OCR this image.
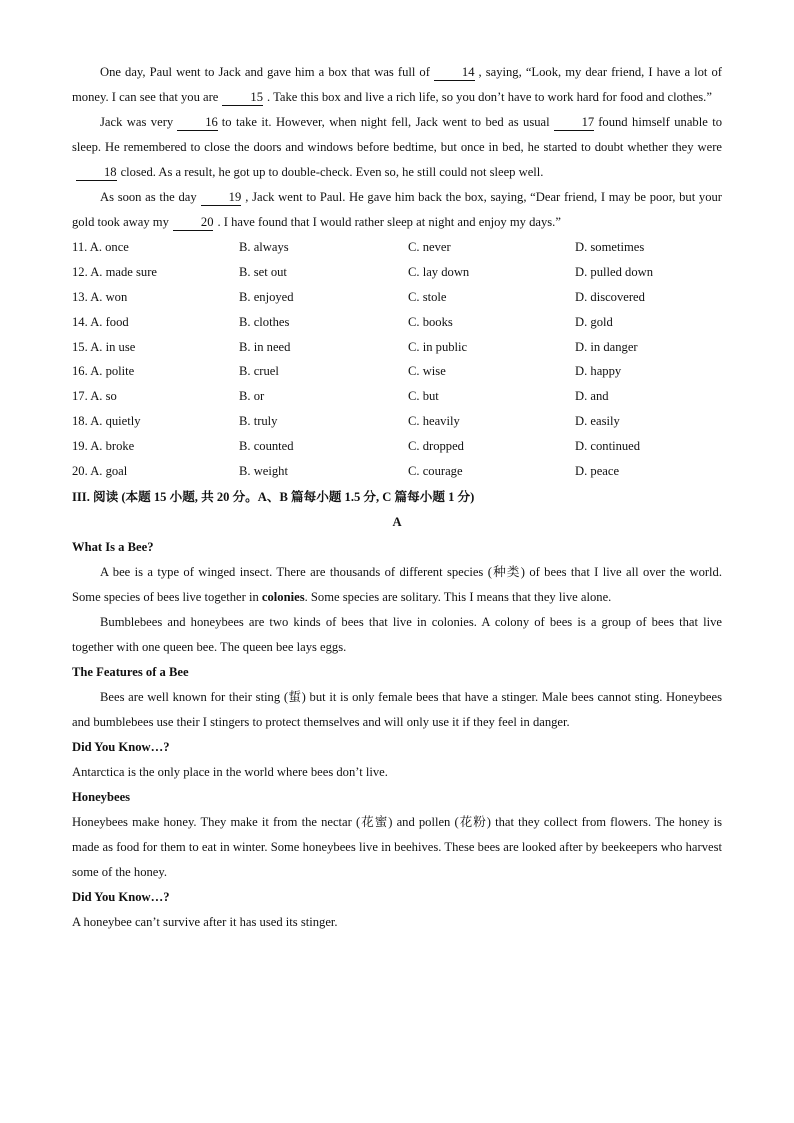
One day, Paul went to Jack and gave him a box that was full of	14 , saying, “Look, my dear friend, I have a lot of money. I can see that you are	15 . Take this box and live a rich life, so you don’t have to work hard for food and clothes.”

Jack was very	16 to take it. However, when night fell, Jack went to bed as usual	17 found himself unable to sleep. He remembered to close the doors and windows before bedtime, but once in bed, he started to doubt whether they were18 closed. As a result, he got up to double-check. Even so, he still could not sleep well.

As soon as the day	19 , Jack went to Paul. He gave him back the box, saying, “Dear friend, I may be poor, but your gold took away my	20 . I have found that I would rather sleep at night and enjoy my days.”

11. A. once	B. always	C. never	D. sometimes
12. A. made sure	B. set out	C. lay down	D. pulled down
13. A. won	B. enjoyed	C. stole	D. discovered
14. A. food	B. clothes	C. books	D. gold
15. A. in use	B. in need	C. in public	D. in danger
16. A. polite	B. cruel	C. wise	D. happy
17. A. so	B. or	C. but	D. and
18. A. quietly	B. truly	C. heavily	D. easily
19. A. broke	B. counted	C. dropped	D. continued
20. A. goal	B. weight	C. courage	D. peace
III. 阅读 (本题 15 小题, 共 20 分。A、B 篇每小题 1.5 分, C 篇每小题 1 分)
A
What Is a Bee?

A bee is a type of winged insect. There are thousands of different species (种类) of bees that I live all over the world. Some species of bees live together in colonies. Some species are solitary. This I means that they live alone.

Bumblebees and honeybees are two kinds of bees that live in colonies. A colony of bees is a group of bees that live together with one queen bee. The queen bee lays eggs.

The Features of a Bee

Bees are well known for their sting (蜇) but it is only female bees that have a stinger. Male bees cannot sting. Honeybees and bumblebees use their I stingers to protect themselves and will only use it if they feel in danger.

Did You Know…?

Antarctica is the only place in the world where bees don’t live.

Honeybees

Honeybees make honey. They make it from the nectar (花蜜) and pollen (花粉) that they collect from flowers. The honey is made as food for them to eat in winter. Some honeybees live in beehives. These bees are looked after by beekeepers who harvest some of the honey.

Did You Know…?

A honeybee can’t survive after it has used its stinger.
